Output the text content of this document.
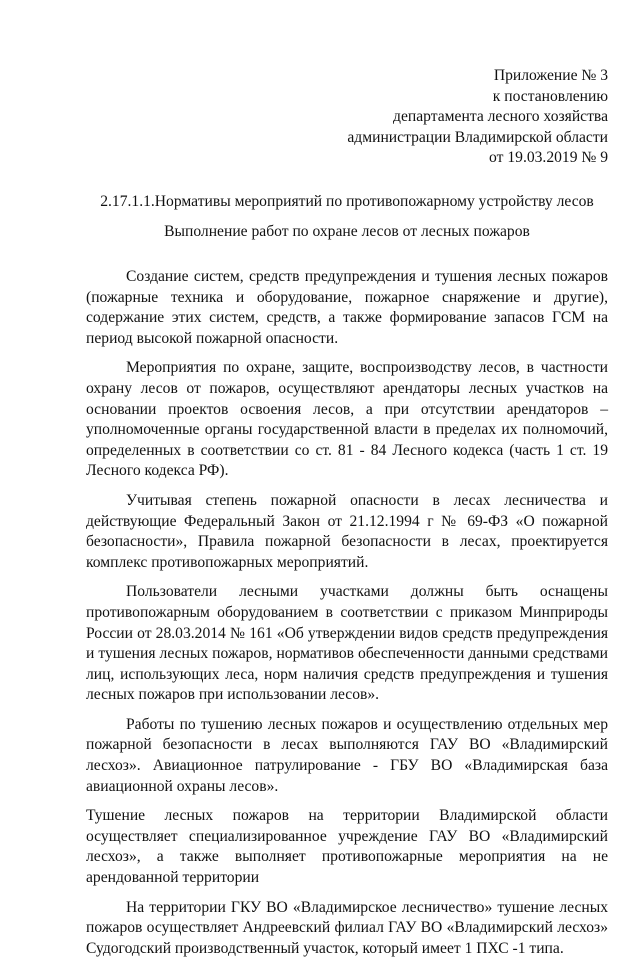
Приложение № 3
к постановлению
департамента лесного хозяйства
администрации Владимирской области
от 19.03.2019 № 9
2.17.1.1.Нормативы мероприятий по противопожарному устройству лесов
Выполнение работ по охране лесов от лесных пожаров

Создание систем, средств предупреждения и тушения лесных пожаров (пожарные техника и оборудование, пожарное снаряжение и другие), содержание этих систем, средств, а также формирование запасов ГСМ на период высокой пожарной опасности.

Мероприятия по охране, защите, воспроизводству лесов, в частности охрану лесов от пожаров, осуществляют арендаторы лесных участков на основании проектов освоения лесов, а при отсутствии арендаторов – уполномоченные органы государственной власти в пределах их полномочий, определенных в соответствии со ст. 81 - 84 Лесного кодекса (часть 1 ст. 19 Лесного кодекса РФ).

Учитывая степень пожарной опасности в лесах лесничества и действующие Федеральный Закон от 21.12.1994 г № 69-ФЗ «О пожарной безопасности», Правила пожарной безопасности в лесах, проектируется комплекс противопожарных мероприятий.

Пользователи лесными участками должны быть оснащены противопожарным оборудованием в соответствии с приказом Минприроды России от 28.03.2014 № 161 «Об утверждении видов средств предупреждения и тушения лесных пожаров, нормативов обеспеченности данными средствами лиц, использующих леса, норм наличия средств предупреждения и тушения лесных пожаров при использовании лесов».

Работы по тушению лесных пожаров и осуществлению отдельных мер пожарной безопасности в лесах выполняются ГАУ ВО «Владимирский лесхоз». Авиационное патрулирование - ГБУ ВО «Владимирская база авиационной охраны лесов».

Тушение лесных пожаров на территории Владимирской области осуществляет специализированное учреждение ГАУ ВО «Владимирский лесхоз», а также выполняет противопожарные мероприятия на не арендованной территории

На территории ГКУ ВО «Владимирское лесничество» тушение лесных пожаров осуществляет Андреевский филиал ГАУ ВО «Владимирский лесхоз» Судогодский производственный участок, который имеет 1 ПХС -1 типа.
